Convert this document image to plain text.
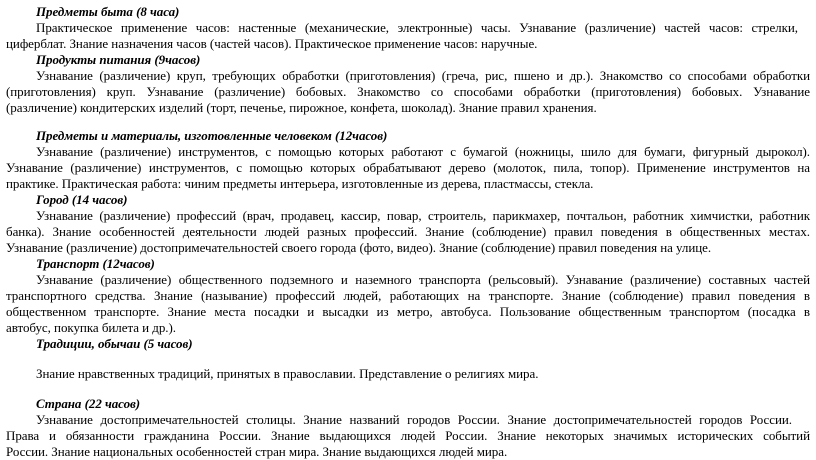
Предметы быта (8 часа)
Практическое применение часов: настенные (механические, электронные) часы. Узнавание (различение) частей часов: стрелки,
циферблат. Знание назначения часов (частей часов). Практическое применение часов: наручные.
Продукты питания (9часов)
Узнавание (различение) круп, требующих обработки (приготовления) (греча, рис, пшено и др.). Знакомство со способами обработки
(приготовления) круп. Узнавание (различение) бобовых. Знакомство со способами обработки (приготовления) бобовых. Узнавание
(различение) кондитерских изделий (торт, печенье, пирожное, конфета, шоколад). Знание правил хранения.
Предметы и материалы, изготовленные человеком (12часов)
Узнавание (различение) инструментов, с помощью которых работают с бумагой (ножницы, шило для бумаги, фигурный дырокол).
Узнавание (различение) инструментов, с помощью которых обрабатывают дерево (молоток, пила, топор). Применение инструментов на
практике. Практическая работа: чиним предметы интерьера, изготовленные из дерева, пластмассы, стекла.
Город (14 часов)
Узнавание (различение) профессий (врач, продавец, кассир, повар, строитель, парикмахер, почтальон, работник химчистки, работник
банка). Знание особенностей деятельности людей разных профессий. Знание (соблюдение) правил поведения в общественных местах.
Узнавание (различение) достопримечательностей своего города (фото, видео). Знание (соблюдение) правил поведения на улице.
Транспорт (12часов)
Узнавание (различение) общественного подземного и наземного транспорта (рельсовый). Узнавание (различение) составных частей
транспортного средства. Знание (называние) профессий людей, работающих на транспорте. Знание (соблюдение) правил поведения в
общественном транспорте. Знание места посадки и высадки из метро, автобуса. Пользование общественным транспортом (посадка в
автобус, покупка билета и др.).
Традиции, обычаи (5 часов)
Знание нравственных традиций, принятых в православии. Представление о религиях мира.
Страна (22 часов)
Узнавание достопримечательностей столицы. Знание названий городов России. Знание достопримечательностей городов России.
Права и обязанности гражданина России. Знание выдающихся людей России. Знание некоторых значимых исторических событий
России. Знание национальных особенностей стран мира. Знание выдающихся людей мира.
